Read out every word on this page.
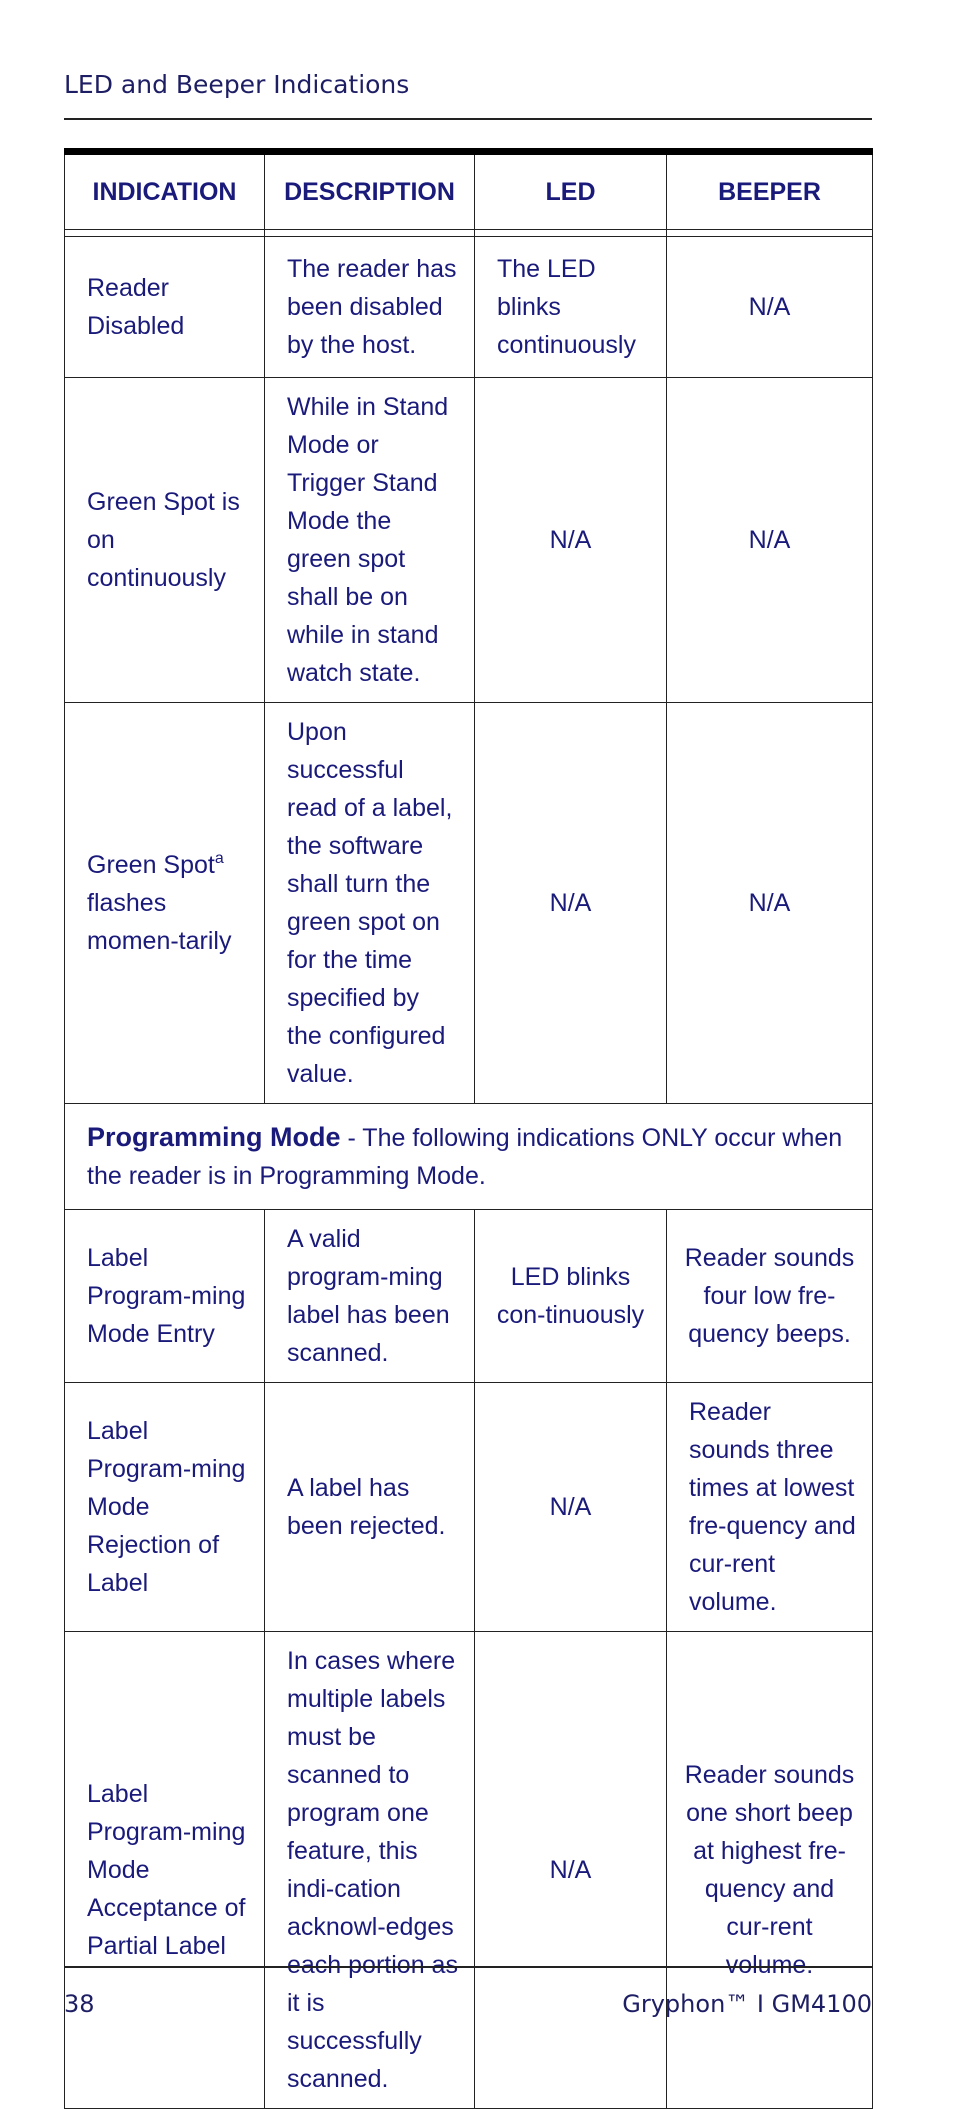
LED and Beeper Indications
INDICATION	DESCRIPTION	LED	BEEPER

Reader Disabled	The reader has been disabled by the host.	The LED blinks continuously	N/A
Green Spot is on continuously	While in Stand Mode or Trigger Stand Mode the green spot shall be on while in stand watch state.	N/A	N/A
Green Spot$^a$ flashes momen-tarily	Upon successful read of a label, the software shall turn the green spot on for the time specified by the configured value.	N/A	N/A
Programming Mode - The following indications ONLY occur when the reader is in Programming Mode.			
Label Program-ming Mode Entry	A valid program-ming label has been scanned.	LED blinks con-tinuously	Reader sounds four low fre-quency beeps.
Label Program-ming Mode Rejection of Label	A label has been rejected.	N/A	Reader sounds three times at lowest fre-quency and cur-rent volume.
Label Program-ming Mode Acceptance of Partial Label	In cases where multiple labels must be scanned to program one feature, this indi-cation acknowl-edges each portion as it is successfully scanned.	N/A	Reader sounds one short beep at highest fre-quency and cur-rent volume.
38	Gryphon™ I GM4100
